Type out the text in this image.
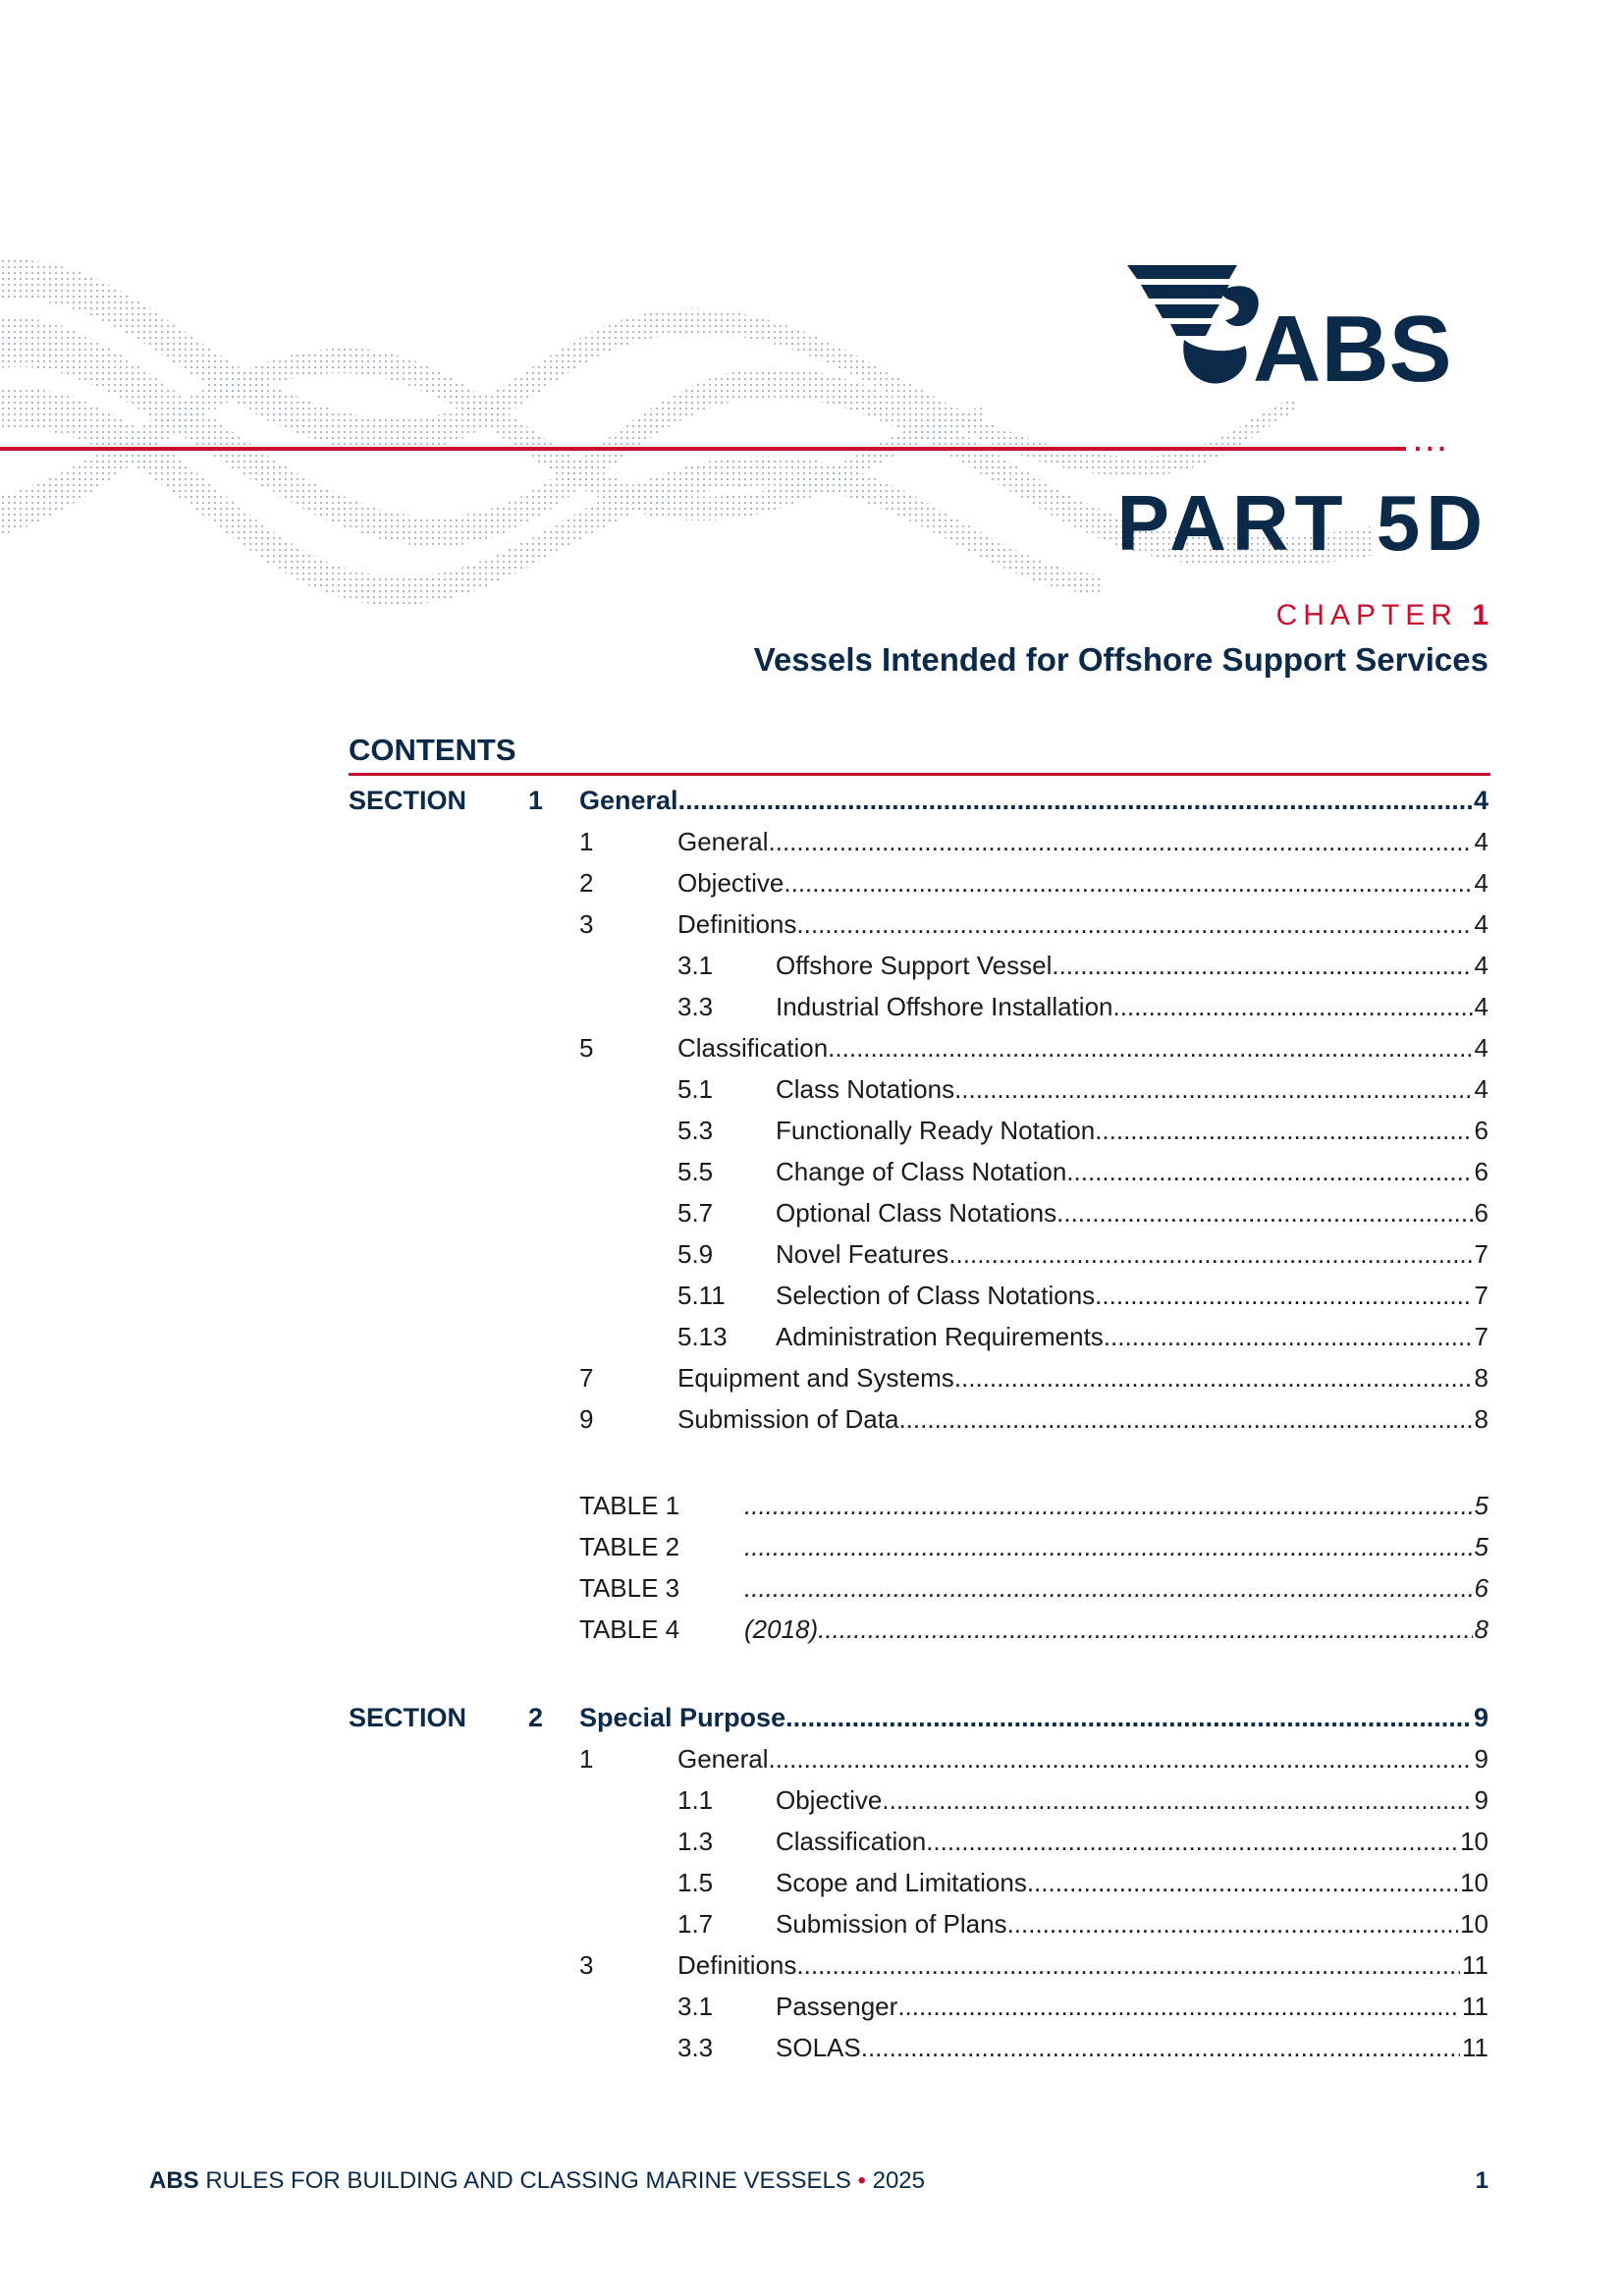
···
ABS
PART 5D
CHAPTER 1
Vessels Intended for Offshore Support Services
CONTENTS
SECTION 1 General .....	4
1	General .....	4
2	Objective .....	4
3	Definitions .....	4
3.1 Offshore Support Vessel .....	4
3.3 Industrial Offshore Installation .....	4
5	Classification .....	4
5.1 Class Notations .....	4
5.3 Functionally Ready Notation .....	6
5.5 Change of Class Notation .....	6
5.7 Optional Class Notations .....	6
5.9 Novel Features .....	7
5.11 Selection of Class Notations .....	7
5.13 Administration Requirements .....	7
7	Equipment and Systems .....	8
9	Submission of Data .....	8
TABLE 1 .....	5
TABLE 2 .....	5
TABLE 3 .....	6
TABLE 4	(2018) .....	8
SECTION 2 Special Purpose .....	9
1	General .....	9
1.1 Objective .....	9
1.3 Classification .....	10
1.5 Scope and Limitations .....	10
1.7 Submission of Plans .....	10
3	Definitions .....	11
3.1 Passenger .....	11
3.3 SOLAS .....	11
ABS RULES FOR BUILDING AND CLASSING MARINE VESSELS • 2025	1
